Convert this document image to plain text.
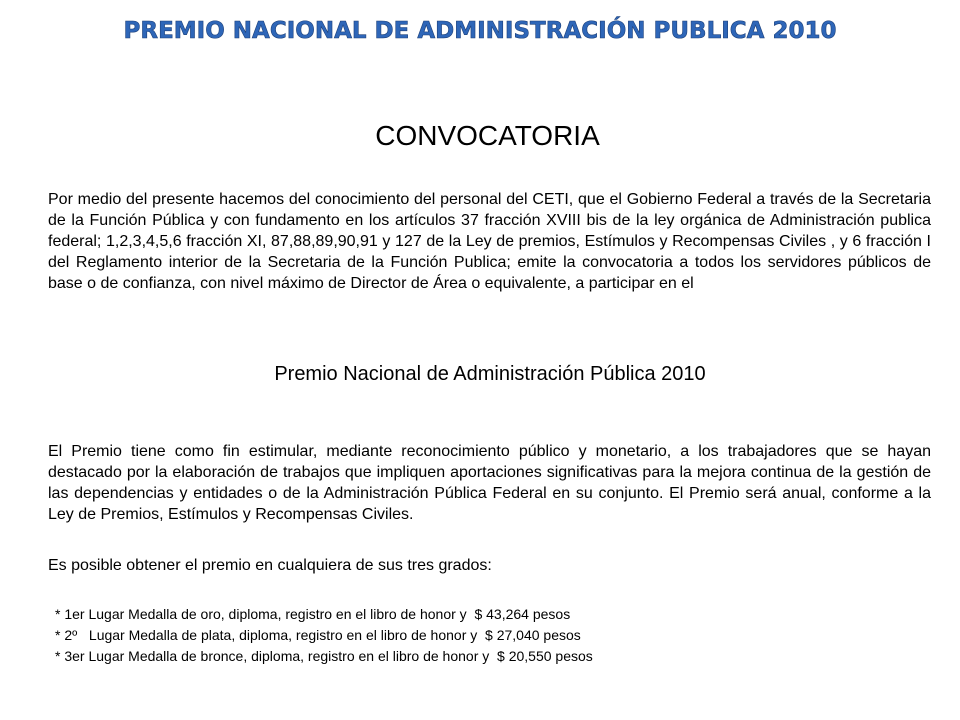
PREMIO NACIONAL DE ADMINISTRACIÓN PUBLICA 2010
CONVOCATORIA

Por medio del presente hacemos del conocimiento del personal del CETI, que el Gobierno Federal a través de la Secretaria de la Función Pública y con fundamento en los artículos 37 fracción XVIII bis de la ley orgánica de Administración publica federal; 1,2,3,4,5,6 fracción XI, 87,88,89,90,91 y 127 de la Ley de premios, Estímulos y Recompensas Civiles , y 6 fracción I del Reglamento interior de la Secretaria de la Función Publica; emite la convocatoria a todos los servidores públicos de base o de confianza, con nivel máximo de Director de Área o equivalente, a participar en el

Premio Nacional de Administración Pública 2010

El Premio tiene como fin estimular, mediante reconocimiento público y monetario, a los trabajadores que se hayan destacado por la elaboración de trabajos que impliquen aportaciones significativas para la mejora continua de la gestión de las dependencias y entidades o de la Administración Pública Federal en su conjunto. El Premio será anual, conforme a la Ley de Premios, Estímulos y Recompensas Civiles.

Es posible obtener el premio en cualquiera de sus tres grados:

* 1er Lugar Medalla de oro, diploma, registro en el libro de honor y  $ 43,264 pesos
* 2º   Lugar Medalla de plata, diploma, registro en el libro de honor y  $ 27,040 pesos
* 3er Lugar Medalla de bronce, diploma, registro en el libro de honor y  $ 20,550 pesos
